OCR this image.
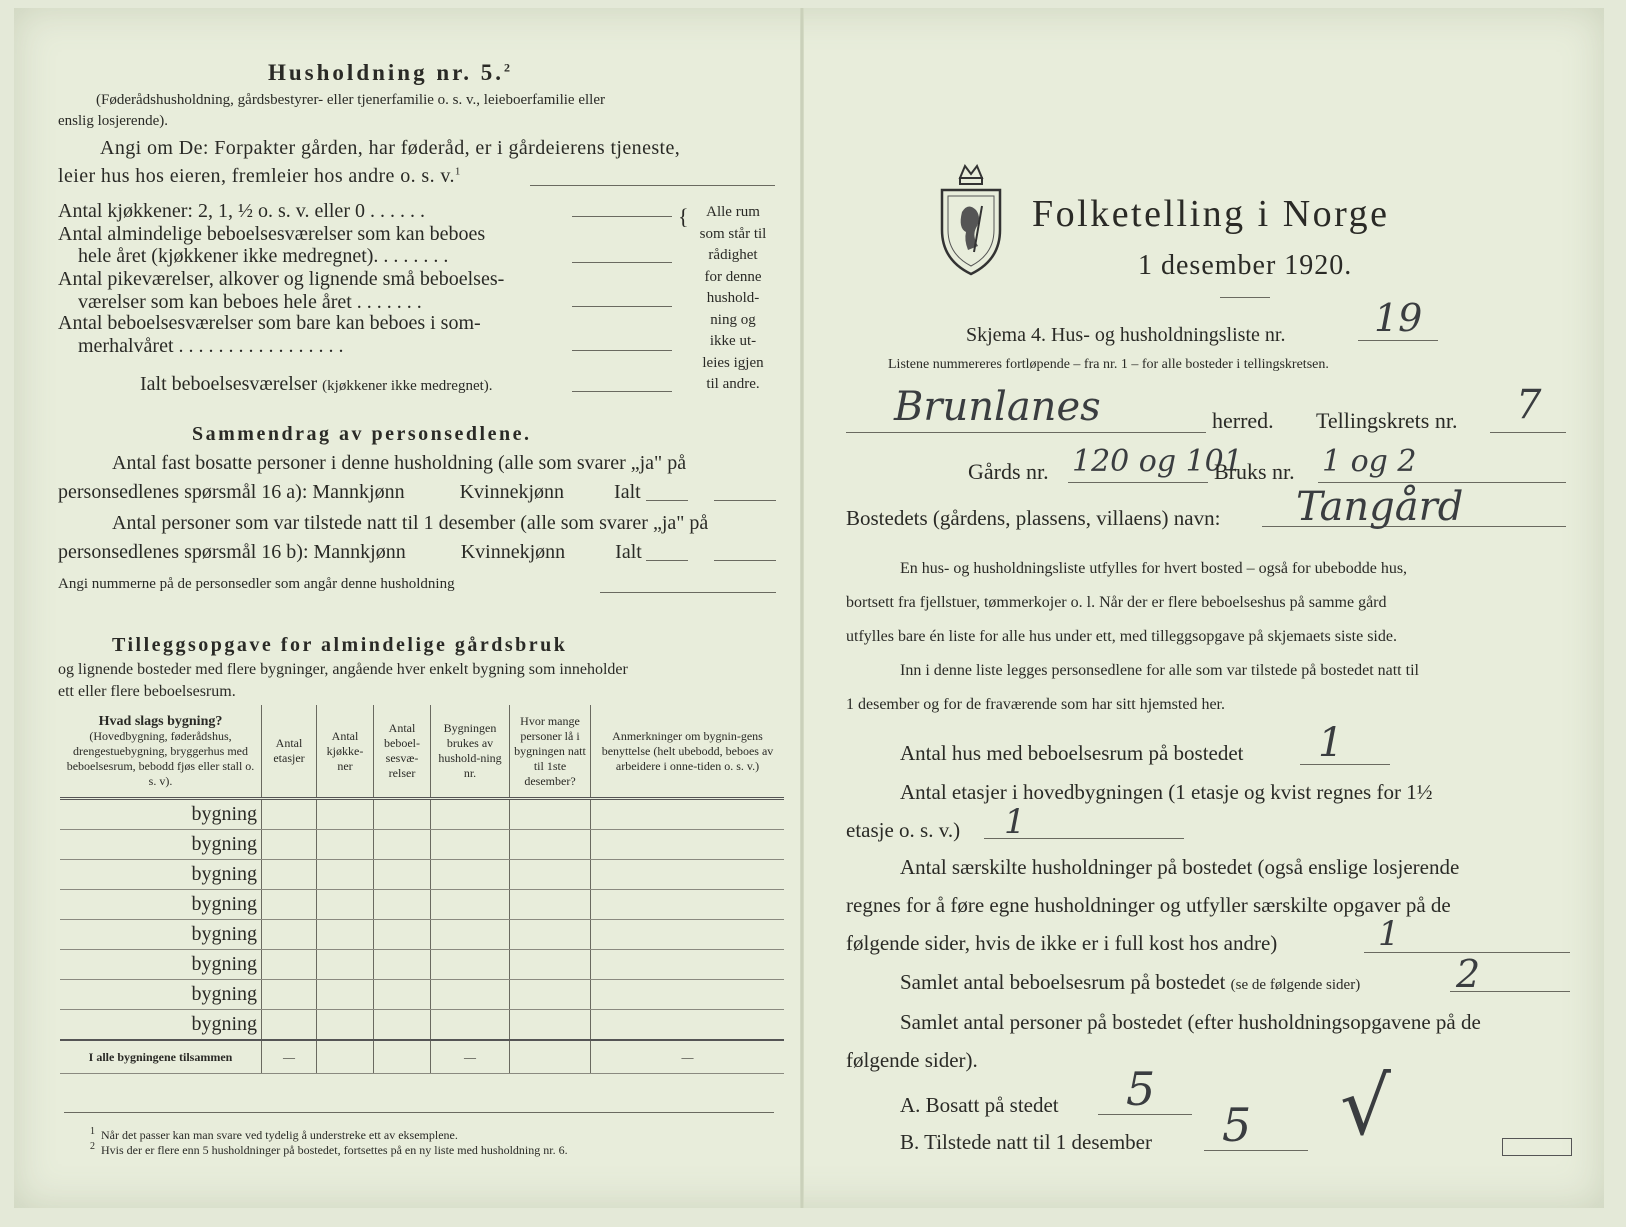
Husholdning nr. 5.$^2$
(Føderådshusholdning, gårdsbestyrer- eller tjenerfamilie o. s. v., leieboerfamilie eller
enslig losjerende).
Angi om De: Forpakter gården, har føderåd, er i gårdeierens tjeneste,
leier hus hos eieren, fremleier hos andre o. s. v.$^1$
Antal kjøkkener: 2, 1, ½ o. s. v. eller 0 . . . . . .
Antal almindelige beboelsesværelser som kan beboes
hele året (kjøkkener ikke medregnet). . . . . . . .
Antal pikeværelser, alkover og lignende små beboelses-
værelser som kan beboes hele året . . . . . . .
Antal beboelsesværelser som bare kan beboes i som-
merhalvåret . . . . . . . . . . . . . . . . .
Ialt beboelsesværelser (kjøkkener ikke medregnet).
{	Alle rum
som står til
rådighet
for denne
hushold-
ning og
ikke ut-
leies igjen
til andre.
Sammendrag av personsedlene.
Antal fast bosatte personer i denne husholdning (alle som svarer „ja" på
personsedlenes spørsmål 16 a): Mannkjønn	Kvinnekjønn	Ialt
Antal personer som var tilstede natt til 1 desember (alle som svarer „ja" på
personsedlenes spørsmål 16 b): Mannkjønn	Kvinnekjønn	Ialt
Angi nummerne på de personsedler som angår denne husholdning
Tilleggsopgave for almindelige gårdsbruk
og lignende bosteder med flere bygninger, angående hver enkelt bygning som inneholder
ett eller flere beboelsesrum.
Hvad slags bygning?
(Hovedbygning, føderådshus, drengestuebygning, bryggerhus med beboelsesrum, bebodd fjøs eller stall o. s. v).	Antal etasjer	Antal kjøkke-ner	Antal beboel-sesvæ-relser	Bygningen brukes av hushold-ning nr.	Hvor mange personer lå i bygningen natt til 1ste desember?	Anmerkninger om bygnin-gens benyttelse (helt ubebodd, beboes av arbeidere i onne-tiden o. s. v.)
bygning						
bygning						
bygning						
bygning						
bygning						
bygning						
bygning						
bygning						
I alle bygningene tilsammen	—			—		—
$^1$ Når det passer kan man svare ved tydelig å understreke ett av eksemplene.
$^2$ Hvis der er flere enn 5 husholdninger på bostedet, fortsettes på en ny liste med husholdning nr. 6.
Folketelling i Norge
1 desember 1920.
Skjema 4. Hus- og husholdningsliste nr. 19
Listene nummereres fortløpende – fra nr. 1 – for alle bosteder i tellingskretsen.
Brunlanes	herred. Tellingskrets nr. 7
Gårds nr. 120 og 101
Bruks nr. 1 og 2
Bostedets (gårdens, plassens, villaens) navn: Tangård
En hus- og husholdningsliste utfylles for hvert bosted – også for ubebodde hus,
bortsett fra fjellstuer, tømmerkojer o. l. Når der er flere beboelseshus på samme gård
utfylles bare én liste for alle hus under ett, med tilleggsopgave på skjemaets siste side.
Inn i denne liste legges personsedlene for alle som var tilstede på bostedet natt til
1 desember og for de fraværende som har sitt hjemsted her.
Antal hus med beboelsesrum på bostedet 1
Antal etasjer i hovedbygningen (1 etasje og kvist regnes for 1½
etasje o. s. v.) 1
Antal særskilte husholdninger på bostedet (også enslige losjerende
regnes for å føre egne husholdninger og utfyller særskilte opgaver på de
følgende sider, hvis de ikke er i full kost hos andre)	1
Samlet antal beboelsesrum på bostedet (se de følgende sider)	2
Samlet antal personer på bostedet (efter husholdningsopgavene på de
følgende sider).
A. Bosatt på stedet 5
B. Tilstede natt til 1 desember 5 √
